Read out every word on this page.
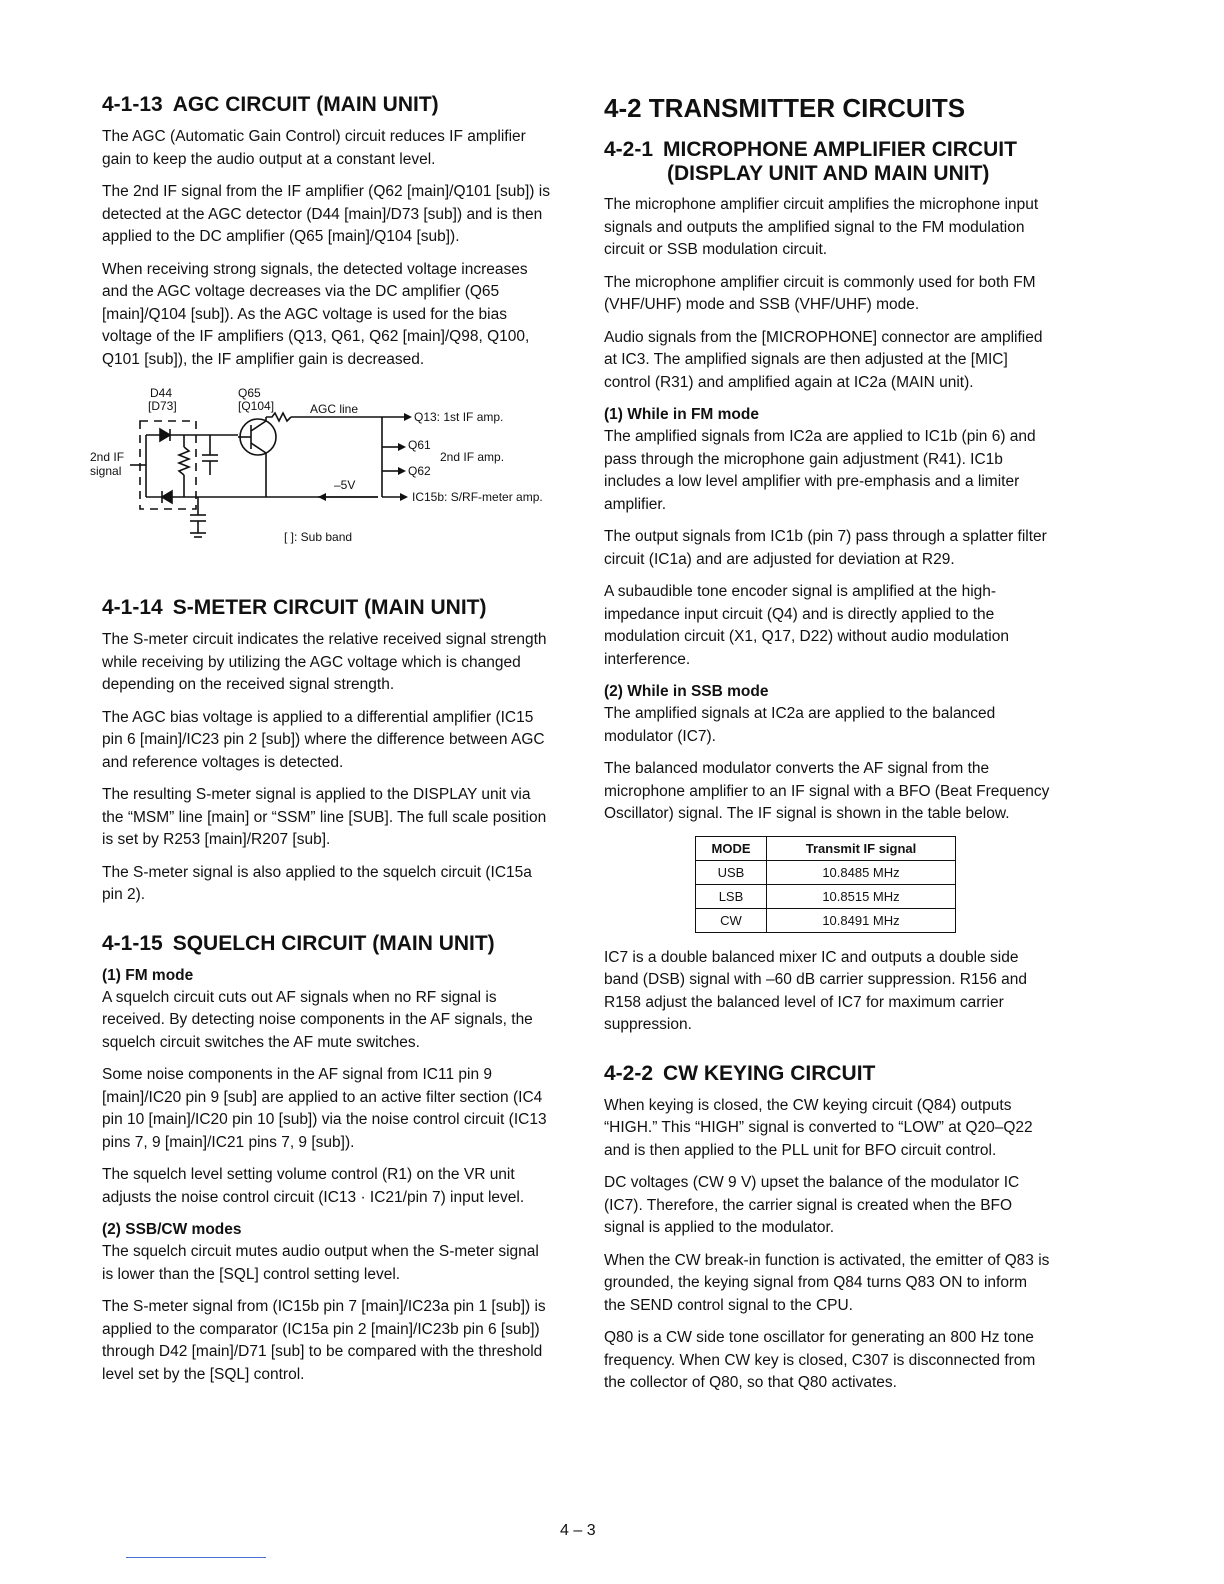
4-1-13 AGC CIRCUIT (MAIN UNIT)

The AGC (Automatic Gain Control) circuit reduces IF amplifier gain to keep the audio output at a constant level.

The 2nd IF signal from the IF amplifier (Q62 [main]/Q101 [sub]) is detected at the AGC detector (D44 [main]/D73 [sub]) and is then applied to the DC amplifier (Q65 [main]/Q104 [sub]).

When receiving strong signals, the detected voltage increases and the AGC voltage decreases via the DC amplifier (Q65 [main]/Q104 [sub]). As the AGC voltage is used for the bias voltage of the IF amplifiers (Q13, Q61, Q62 [main]/Q98, Q100, Q101 [sub]), the IF amplifier gain is decreased.

D44
[D73]
Q65
[Q104]	AGC line
Q13: 1st IF amp.
Q61
Q62
2nd IF amp.
–5V
IC15b: S/RF-meter amp.
2nd IF
signal
[ ]: Sub band
4-1-14 S-METER CIRCUIT (MAIN UNIT)

The S-meter circuit indicates the relative received signal strength while receiving by utilizing the AGC voltage which is changed depending on the received signal strength.

The AGC bias voltage is applied to a differential amplifier (IC15 pin 6 [main]/IC23 pin 2 [sub]) where the difference between AGC and reference voltages is detected.

The resulting S-meter signal is applied to the DISPLAY unit via the “MSM” line [main] or “SSM” line [SUB]. The full scale position is set by R253 [main]/R207 [sub].

The S-meter signal is also applied to the squelch circuit (IC15a pin 2).

4-1-15 SQUELCH CIRCUIT (MAIN UNIT)
(1) FM mode

A squelch circuit cuts out AF signals when no RF signal is received. By detecting noise components in the AF signals, the squelch circuit switches the AF mute switches.

Some noise components in the AF signal from IC11 pin 9 [main]/IC20 pin 9 [sub] are applied to an active filter section (IC4 pin 10 [main]/IC20 pin 10 [sub]) via the noise control circuit (IC13 pins 7, 9 [main]/IC21 pins 7, 9 [sub]).

The squelch level setting volume control (R1) on the VR unit adjusts the noise control circuit (IC13 · IC21/pin 7) input level.

(2) SSB/CW modes

The squelch circuit mutes audio output when the S-meter signal is lower than the [SQL] control setting level.

The S-meter signal from (IC15b pin 7 [main]/IC23a pin 1 [sub]) is applied to the comparator (IC15a pin 2 [main]/IC23b pin 6 [sub]) through D42 [main]/D71 [sub] to be compared with the threshold level set by the [SQL] control.

4-2 TRANSMITTER CIRCUITS
4-2-1 MICROPHONE AMPLIFIER CIRCUIT
(DISPLAY UNIT AND MAIN UNIT)

The microphone amplifier circuit amplifies the microphone input signals and outputs the amplified signal to the FM modulation circuit or SSB modulation circuit.

The microphone amplifier circuit is commonly used for both FM (VHF/UHF) mode and SSB (VHF/UHF) mode.

Audio signals from the [MICROPHONE] connector are amplified at IC3. The amplified signals are then adjusted at the [MIC] control (R31) and amplified again at IC2a (MAIN unit).

(1) While in FM mode

The amplified signals from IC2a are applied to IC1b (pin 6) and pass through the microphone gain adjustment (R41). IC1b includes a low level amplifier with pre-emphasis and a limiter amplifier.

The output signals from IC1b (pin 7) pass through a splatter filter circuit (IC1a) and are adjusted for deviation at R29.

A subaudible tone encoder signal is amplified at the high-impedance input circuit (Q4) and is directly applied to the modulation circuit (X1, Q17, D22) without audio modulation interference.

(2) While in SSB mode

The amplified signals at IC2a are applied to the balanced modulator (IC7).

The balanced modulator converts the AF signal from the microphone amplifier to an IF signal with a BFO (Beat Frequency Oscillator) signal. The IF signal is shown in the table below.

MODE	Transmit IF signal
USB	10.8485 MHz
LSB	10.8515 MHz
CW	10.8491 MHz

IC7 is a double balanced mixer IC and outputs a double side band (DSB) signal with –60 dB carrier suppression. R156 and R158 adjust the balanced level of IC7 for maximum carrier suppression.

4-2-2 CW KEYING CIRCUIT

When keying is closed, the CW keying circuit (Q84) outputs “HIGH.” This “HIGH” signal is converted to “LOW” at Q20–Q22 and is then applied to the PLL unit for BFO circuit control.

DC voltages (CW 9 V) upset the balance of the modulator IC (IC7). Therefore, the carrier signal is created when the BFO signal is applied to the modulator.

When the CW break-in function is activated, the emitter of Q83 is grounded, the keying signal from Q84 turns Q83 ON to inform the SEND control signal to the CPU.

Q80 is a CW side tone oscillator for generating an 800 Hz tone frequency. When CW key is closed, C307 is disconnected from the collector of Q80, so that Q80 activates.

4 – 3
